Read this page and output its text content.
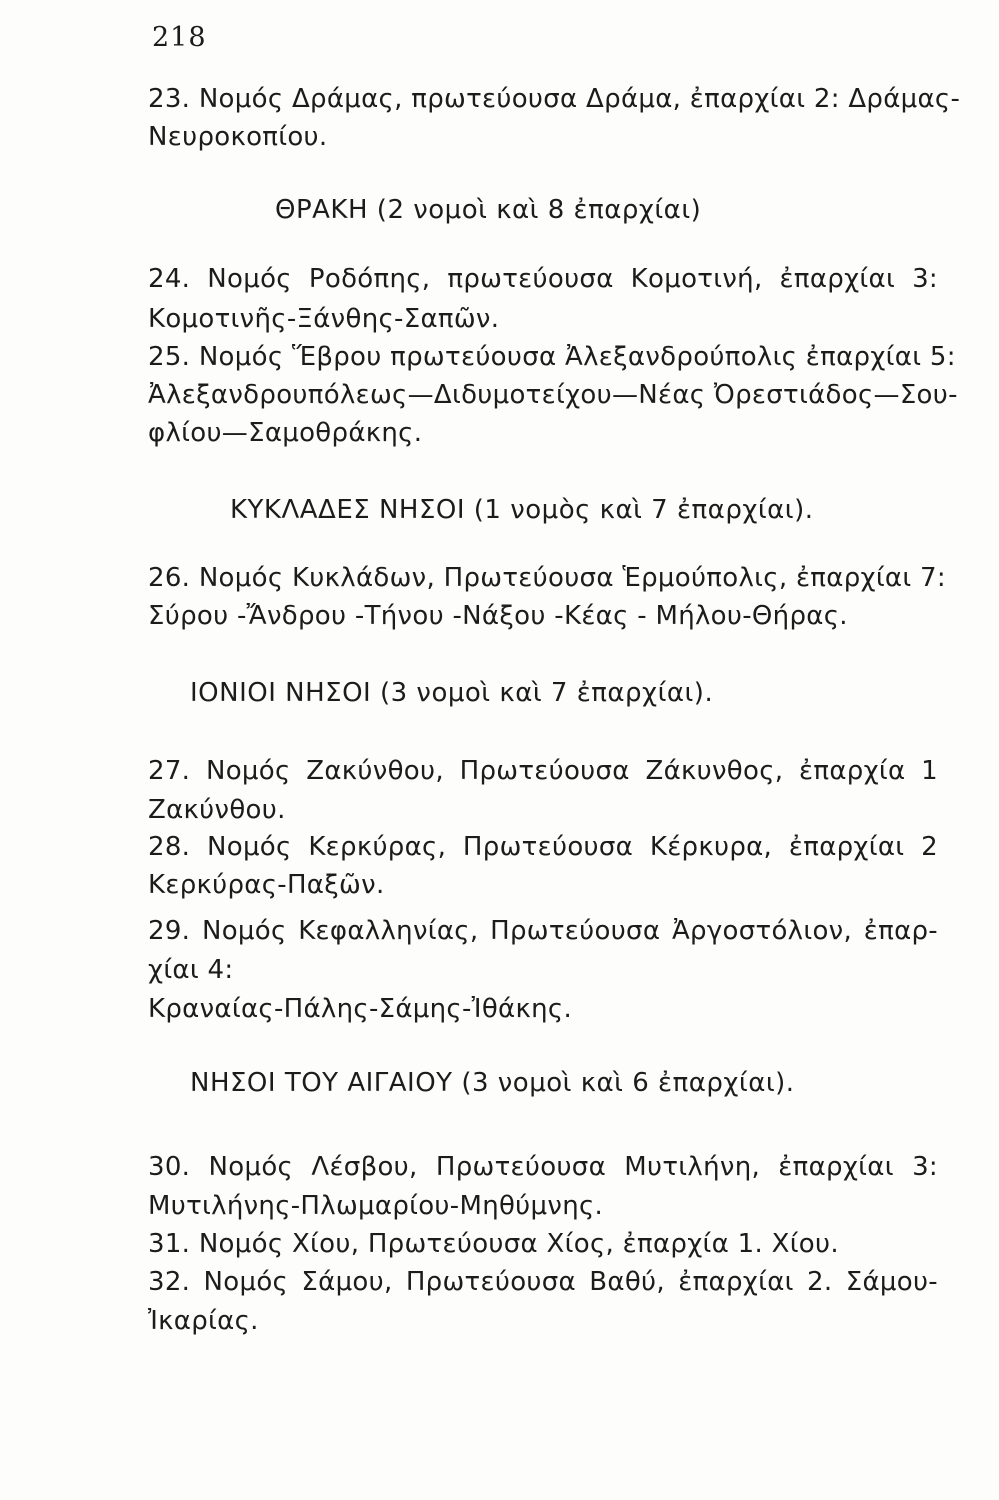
218
23. Νομός Δράμας, πρωτεύουσα Δράμα, ἐπαρχίαι 2: Δράμας-
Νευροκοπίου.
ΘΡΑΚΗ (2 νομοὶ καὶ 8 ἐπαρχίαι)
24. Νομός Ροδόπης, πρωτεύουσα Κομοτινή, ἐπαρχίαι 3:
Κομοτινῆς-Ξάνθης-Σαπῶν.
25. Νομός Ἕβρου πρωτεύουσα Ἀλεξανδρούπολις ἐπαρχίαι 5:
Ἀλεξανδρουπόλεως—Διδυμοτείχου—Νέας Ὀρεστιάδος—Σου-
φλίου—Σαμοθράκης.
ΚΥΚΛΑΔΕΣ ΝΗΣΟΙ (1 νομὸς καὶ 7 ἐπαρχίαι).
26. Νομός Κυκλάδων, Πρωτεύουσα Ἑρμούπολις, ἐπαρχίαι 7:
Σύρου -Ἄνδρου -Τήνου -Νάξου -Κέας - Μήλου-Θήρας.
ΙΟΝΙΟΙ ΝΗΣΟΙ (3 νομοὶ καὶ 7 ἐπαρχίαι).
27. Νομός Ζακύνθου, Πρωτεύουσα Ζάκυνθος, ἐπαρχία 1
Ζακύνθου.
28. Νομός Κερκύρας, Πρωτεύουσα Κέρκυρα, ἐπαρχίαι 2
Κερκύρας-Παξῶν.
29. Νομός Κεφαλληνίας, Πρωτεύουσα Ἀργοστόλιον, ἐπαρ-
χίαι 4:
Κραναίας-Πάλης-Σάμης-Ἰθάκης.
ΝΗΣΟΙ ΤΟΥ ΑΙΓΑΙΟΥ (3 νομοὶ καὶ 6 ἐπαρχίαι).
30. Νομός Λέσβου, Πρωτεύουσα Μυτιλήνη, ἐπαρχίαι 3:
Μυτιλήνης-Πλωμαρίου-Μηθύμνης.
31. Νομός Χίου, Πρωτεύουσα Χίος, ἐπαρχία 1. Χίου.
32. Νομός Σάμου, Πρωτεύουσα Βαθύ, ἐπαρχίαι 2. Σάμου-
Ἰκαρίας.
